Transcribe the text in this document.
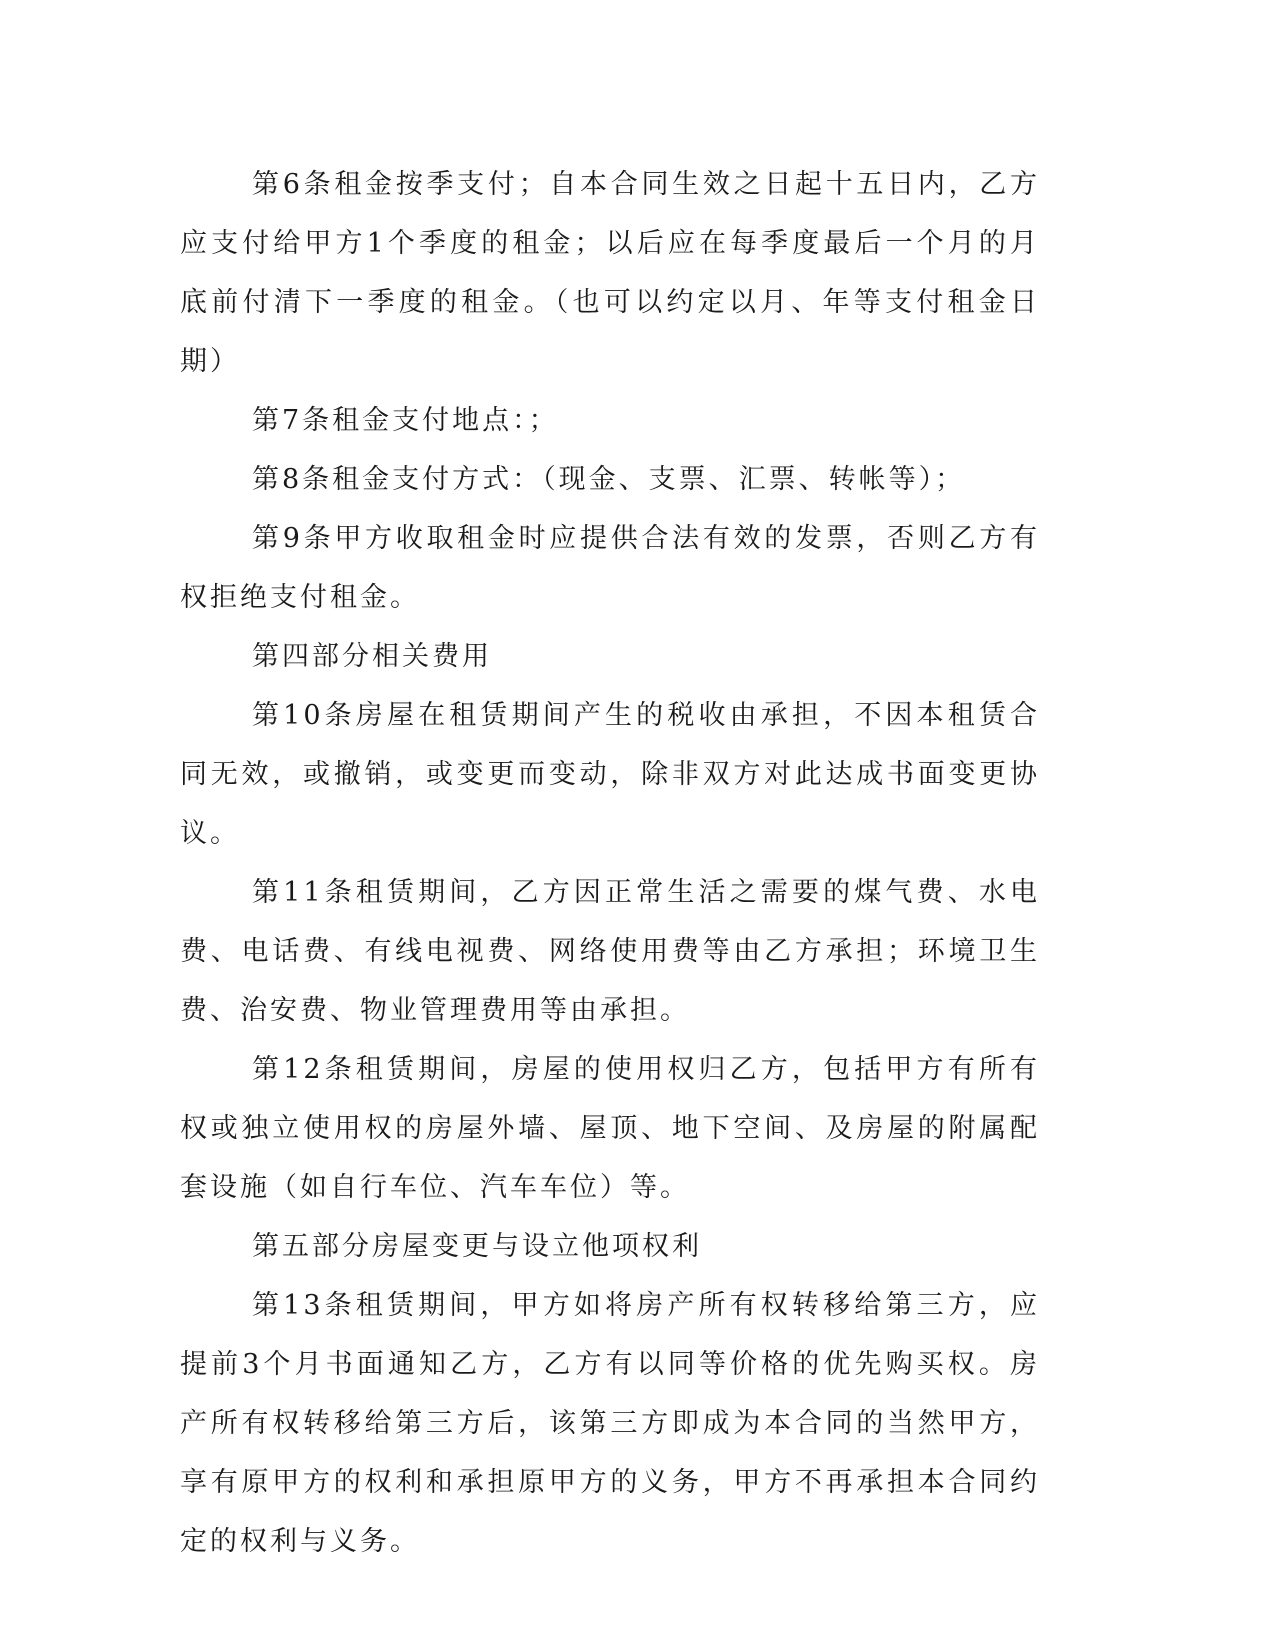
第6条租金按季支付；自本合同生效之日起十五日内，乙方应支付给甲方1个季度的租金；以后应在每季度最后一个月的月底前付清下一季度的租金。（也可以约定以月、年等支付租金日期）

第7条租金支付地点：；

第8条租金支付方式：（现金、支票、汇票、转帐等）；

第9条甲方收取租金时应提供合法有效的发票，否则乙方有权拒绝支付租金。

第四部分相关费用

第10条房屋在租赁期间产生的税收由承担，不因本租赁合同无效，或撤销，或变更而变动，除非双方对此达成书面变更协议。

第11条租赁期间，乙方因正常生活之需要的煤气费、水电费、电话费、有线电视费、网络使用费等由乙方承担；环境卫生费、治安费、物业管理费用等由承担。

第12条租赁期间，房屋的使用权归乙方，包括甲方有所有权或独立使用权的房屋外墙、屋顶、地下空间、及房屋的附属配套设施（如自行车位、汽车车位）等。

第五部分房屋变更与设立他项权利

第13条租赁期间，甲方如将房产所有权转移给第三方，应提前3个月书面通知乙方，乙方有以同等价格的优先购买权。房产所有权转移给第三方后，该第三方即成为本合同的当然甲方，享有原甲方的权利和承担原甲方的义务，甲方不再承担本合同约定的权利与义务。
